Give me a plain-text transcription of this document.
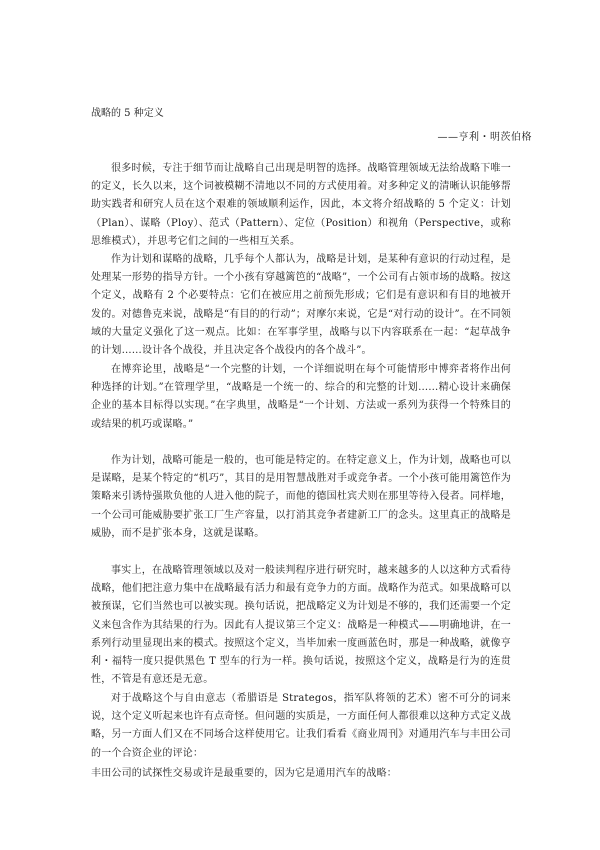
战略的 5 种定义
——亨利・明茨伯格

很多时候，专注于细节而让战略自己出现是明智的选择。战略管理领域无法给战略下唯一的定义，长久以来，这个词被模糊不清地以不同的方式使用着。对多种定义的清晰认识能够帮助实践者和研究人员在这个艰难的领域顺利运作，因此，本文将介绍战略的 5 个定义：计划（Plan）、谋略（Ploy）、范式（Pattern）、定位（Position）和视角（Perspective，或称思维模式），并思考它们之间的一些相互关系。

作为计划和谋略的战略，几乎每个人都认为，战略是计划，是某种有意识的行动过程，是处理某一形势的指导方针。一个小孩有穿越篱笆的“战略”，一个公司有占领市场的战略。按这个定义，战略有 2 个必要特点：它们在被应用之前预先形成；它们是有意识和有目的地被开发的。对德鲁克来说，战略是“有目的的行动”；对摩尔来说，它是“对行动的设计”。在不同领域的大量定义强化了这一观点。比如：在军事学里，战略与以下内容联系在一起：“起草战争的计划……设计各个战役，并且决定各个战役内的各个战斗”。

在博弈论里，战略是“一个完整的计划，一个详细说明在每个可能情形中博弈者将作出何种选择的计划。”在管理学里，“战略是一个统一的、综合的和完整的计划……精心设计来确保企业的基本目标得以实现。”在字典里，战略是“一个计划、方法或一系列为获得一个特殊目的或结果的机巧或谋略。”

作为计划，战略可能是一般的，也可能是特定的。在特定意义上，作为计划，战略也可以是谋略，是某个特定的“机巧”，其目的是用智慧战胜对手或竞争者。一个小孩可能用篱笆作为策略来引诱恃强欺负他的人进入他的院子，而他的德国杜宾犬则在那里等待入侵者。同样地，一个公司可能威胁要扩张工厂生产容量，以打消其竞争者建新工厂的念头。这里真正的战略是威胁，而不是扩张本身，这就是谋略。

事实上，在战略管理领域以及对一般读判程序进行研究时，越来越多的人以这种方式看待战略，他们把注意力集中在战略最有活力和最有竞争力的方面。战略作为范式。如果战略可以被预谋，它们当然也可以被实现。换句话说，把战略定义为计划是不够的，我们还需要一个定义来包含作为其结果的行为。因此有人提议第三个定义：战略是一种模式——明确地讲，在一系列行动里显现出来的模式。按照这个定义，当毕加索一度画蓝色时，那是一种战略，就像亨利・福特一度只提供黑色 T 型车的行为一样。换句话说，按照这个定义，战略是行为的连贯性，不管是有意还是无意。

对于战略这个与自由意志（希腊语是 Strategos，指军队将领的艺术）密不可分的词来说，这个定义听起来也许有点奇怪。但问题的实质是，一方面任何人都很难以这种方式定义战略，另一方面人们又在不同场合这样使用它。让我们看看《商业周刊》对通用汽车与丰田公司的一个合资企业的评论：

丰田公司的试探性交易或许是最重要的，因为它是通用汽车的战略：
